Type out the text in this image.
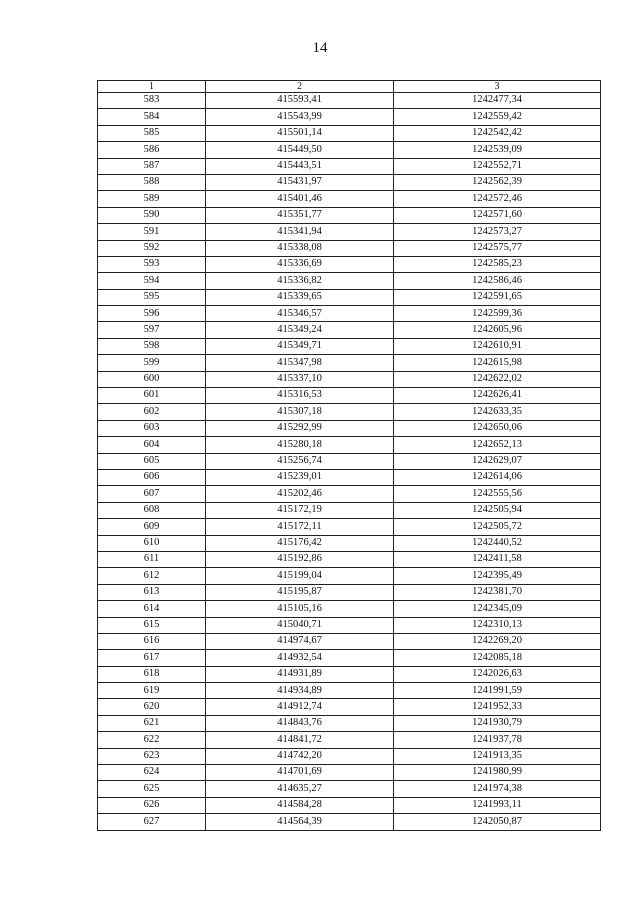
14
1	2	3
583	415593,41	1242477,34
584	415543,99	1242559,42
585	415501,14	1242542,42
586	415449,50	1242539,09
587	415443,51	1242552,71
588	415431,97	1242562,39
589	415401,46	1242572,46
590	415351,77	1242571,60
591	415341,94	1242573,27
592	415338,08	1242575,77
593	415336,69	1242585,23
594	415336,82	1242586,46
595	415339,65	1242591,65
596	415346,57	1242599,36
597	415349,24	1242605,96
598	415349,71	1242610,91
599	415347,98	1242615,98
600	415337,10	1242622,02
601	415316,53	1242626,41
602	415307,18	1242633,35
603	415292,99	1242650,06
604	415280,18	1242652,13
605	415256,74	1242629,07
606	415239,01	1242614,06
607	415202,46	1242555,56
608	415172,19	1242505,94
609	415172,11	1242505,72
610	415176,42	1242440,52
611	415192,86	1242411,58
612	415199,04	1242395,49
613	415195,87	1242381,70
614	415105,16	1242345,09
615	415040,71	1242310,13
616	414974,67	1242269,20
617	414932,54	1242085,18
618	414931,89	1242026,63
619	414934,89	1241991,59
620	414912,74	1241952,33
621	414843,76	1241930,79
622	414841,72	1241937,78
623	414742,20	1241913,35
624	414701,69	1241980,99
625	414635,27	1241974,38
626	414584,28	1241993,11
627	414564,39	1242050,87
